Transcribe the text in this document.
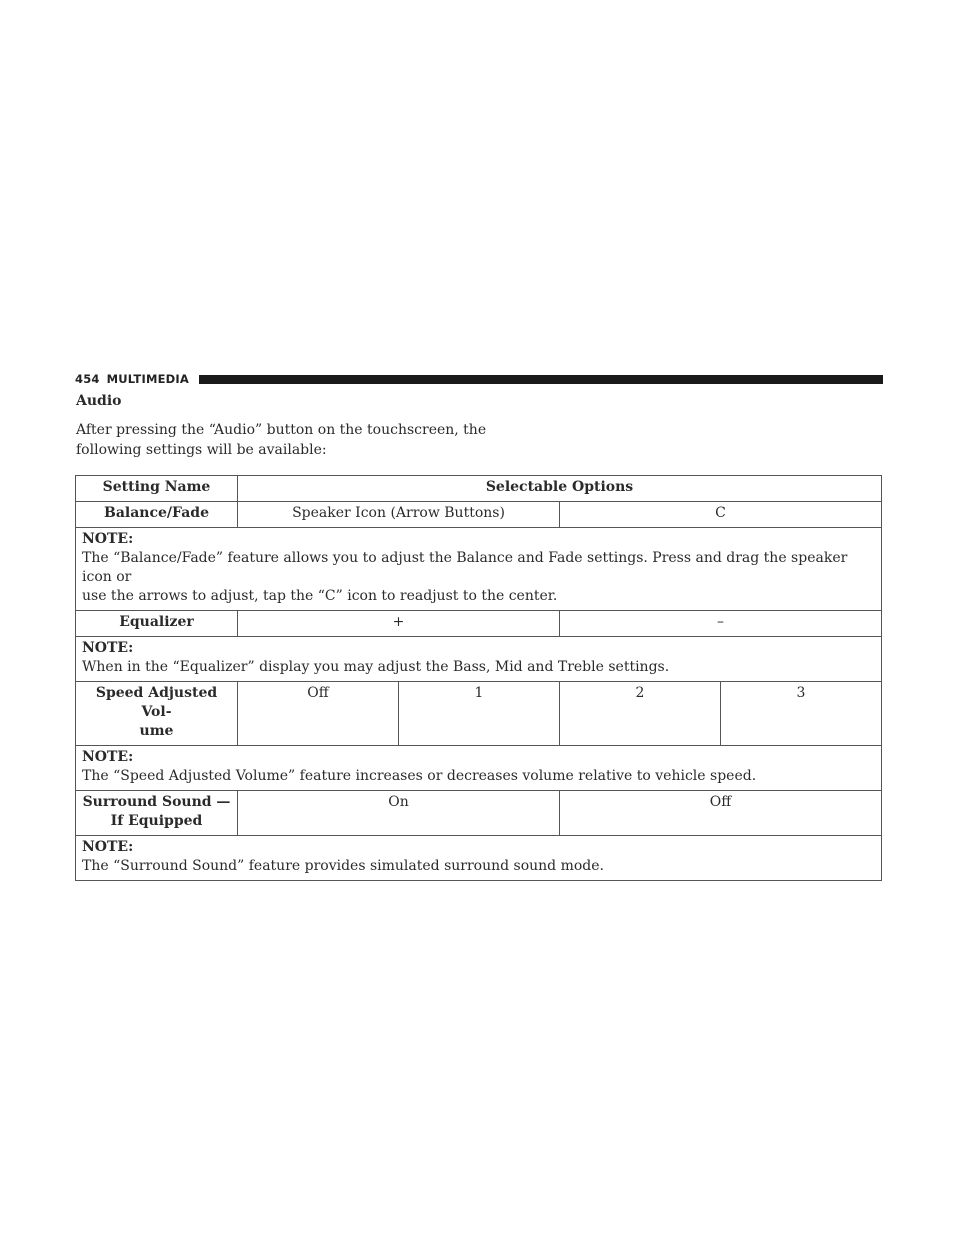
454 MULTIMEDIA
Audio

After pressing the “Audio” button on the touchscreen, the

following settings will be available:

Setting Name	Selectable Options			
Balance/Fade	Speaker Icon (Arrow Buttons)		C	

NOTE:
The “Balance/Fade” feature allows you to adjust the Balance and Fade settings. Press and drag the speaker icon or
use the arrows to adjust, tap the “C” icon to readjust to the center.				
Equalizer	+		–	

NOTE:
When in the “Equalizer” display you may adjust the Bass, Mid and Treble settings.				
Speed Adjusted Vol-
ume	Off	1	2	3

NOTE:
The “Speed Adjusted Volume” feature increases or decreases volume relative to vehicle speed.				
Surround Sound —
If Equipped	On		Off	

NOTE:
The “Surround Sound” feature provides simulated surround sound mode.				
